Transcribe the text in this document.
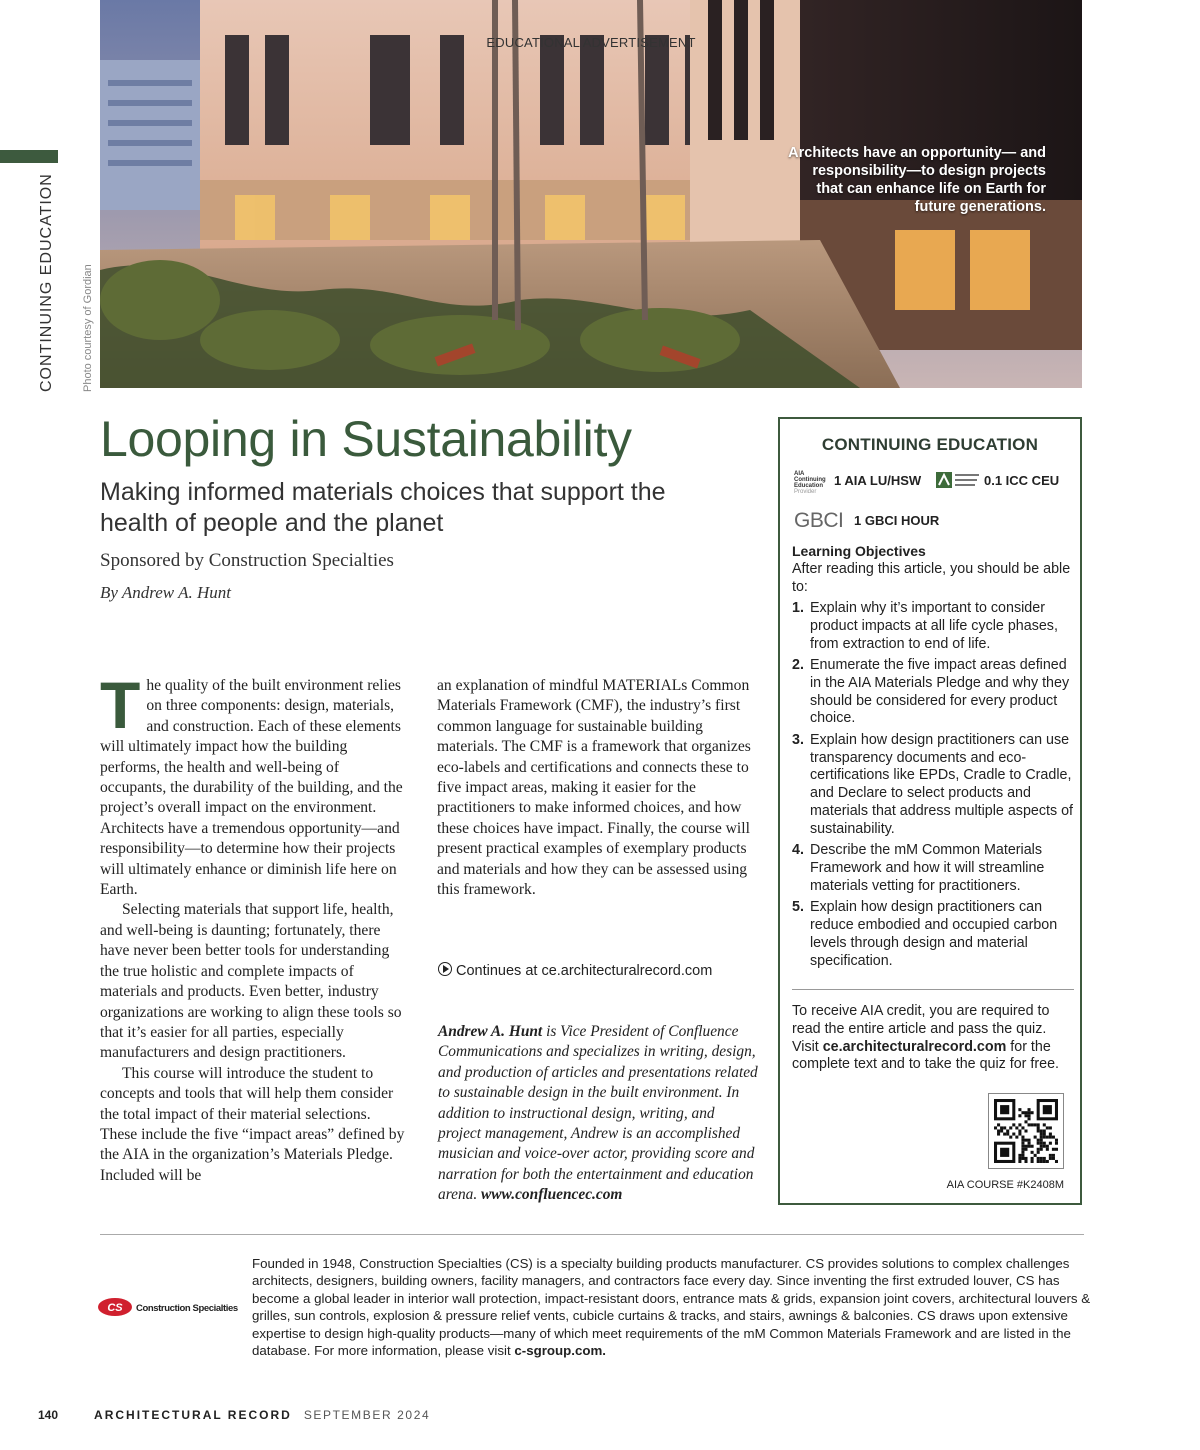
CONTINUING EDUCATION Photo courtesy of Gordian
EDUCATIONAL ADVERTISEMENT
Architects have an opportunity— and responsibility—to design projects that can enhance life on Earth for future generations.
Looping in Sustainability
Making informed materials choices that support the health of people and the planet
Sponsored by Construction Specialties
By Andrew A. Hunt

The quality of the built environment relies on three components: design, materials, and construction. Each of these elements will ultimately impact how the building performs, the health and well-being of occupants, the durability of the building, and the project’s overall impact on the environment. Architects have a tremendous opportunity—and responsibility—to determine how their projects will ultimately enhance or diminish life here on Earth.

Selecting materials that support life, health, and well-being is daunting; fortunately, there have never been better tools for understanding the true holistic and complete impacts of materials and products. Even better, industry organizations are working to align these tools so that it’s easier for all parties, especially manufacturers and design practitioners.

This course will introduce the student to concepts and tools that will help them consider the total impact of their material selections. These include the five “impact areas” defined by the AIA in the organization’s Materials Pledge. Included will be

an explanation of mindful MATERIALs Common Materials Framework (CMF), the industry’s first common language for sustainable building materials. The CMF is a framework that organizes eco-labels and certifications and connects these to five impact areas, making it easier for the practitioners to make informed choices, and how these choices have impact. Finally, the course will present practical examples of exemplary products and materials and how they can be assessed using this framework.

Continues at ce.architecturalrecord.com
Andrew A. Hunt is Vice President of Confluence Communications and specializes in writing, design, and production of articles and presentations related to sustainable design in the built environment. In addition to instructional design, writing, and project management, Andrew is an accomplished musician and voice-over actor, providing score and narration for both the entertainment and education arena. www.confluencec.com
CONTINUING EDUCATION
AIA
Continuing
Education
Provider
1 AIA LU/HSW	0.1 ICC CEU
GBCI 1 GBCI HOUR
Learning Objectives
After reading this article, you should be able to:
1. Explain why it’s important to consider product impacts at all life cycle phases, from extraction to end of life.
2. Enumerate the five impact areas defined in the AIA Materials Pledge and why they should be considered for every product choice.
3. Explain how design practitioners can use transparency documents and eco-certifications like EPDs, Cradle to Cradle, and Declare to select products and materials that address multiple aspects of sustainability.
4. Describe the mM Common Materials Framework and how it will streamline materials vetting for practitioners.
5. Explain how design practitioners can reduce embodied and occupied carbon levels through design and material specification.
To receive AIA credit, you are required to read the entire article and pass the quiz. Visit ce.architecturalrecord.com for the complete text and to take the quiz for free.
AIA COURSE #K2408M
CS Construction Specialties
Founded in 1948, Construction Specialties (CS) is a specialty building products manufacturer. CS provides solutions to complex challenges architects, designers, building owners, facility managers, and contractors face every day. Since inventing the first extruded louver, CS has become a global leader in interior wall protection, impact-resistant doors, entrance mats & grids, expansion joint covers, architectural louvers & grilles, sun controls, explosion & pressure relief vents, cubicle curtains & tracks, and stairs, awnings & balconies. CS draws upon extensive expertise to design high-quality products—many of which meet requirements of the mM Common Materials Framework and are listed in the database. For more information, please visit c-sgroup.com.
140	ARCHITECTURAL RECORD SEPTEMBER 2024
